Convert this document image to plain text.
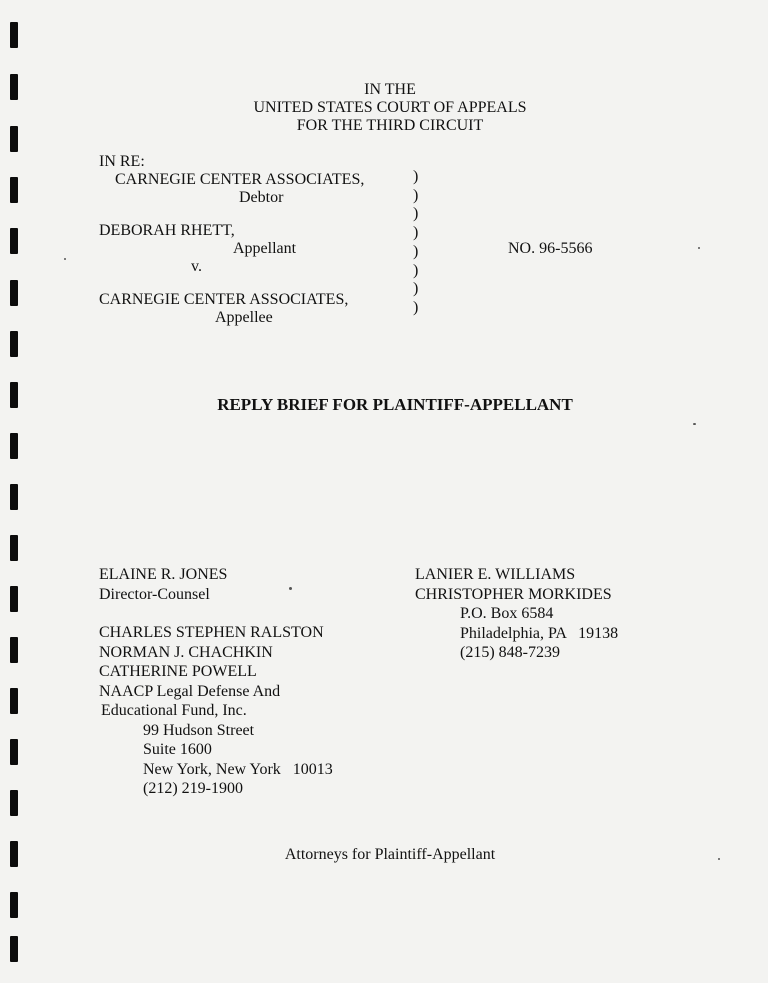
IN THE
UNITED STATES COURT OF APPEALS
FOR THE THIRD CIRCUIT
IN RE:
CARNEGIE CENTER ASSOCIATES,
Debtor
DEBORAH RHETT,
Appellant
v.
CARNEGIE CENTER ASSOCIATES,
Appellee
)
)
)
)
)
)
)
)
NO. 96-5566
REPLY BRIEF FOR PLAINTIFF-APPELLANT
ELAINE R. JONES
Director-Counsel
CHARLES STEPHEN RALSTON
NORMAN J. CHACHKIN
CATHERINE POWELL
NAACP Legal Defense And
Educational Fund, Inc.
99 Hudson Street
Suite 1600
New York, New York   10013
(212) 219-1900
LANIER E. WILLIAMS
CHRISTOPHER MORKIDES
P.O. Box 6584
Philadelphia, PA   19138
(215) 848-7239
Attorneys for Plaintiff-Appellant
